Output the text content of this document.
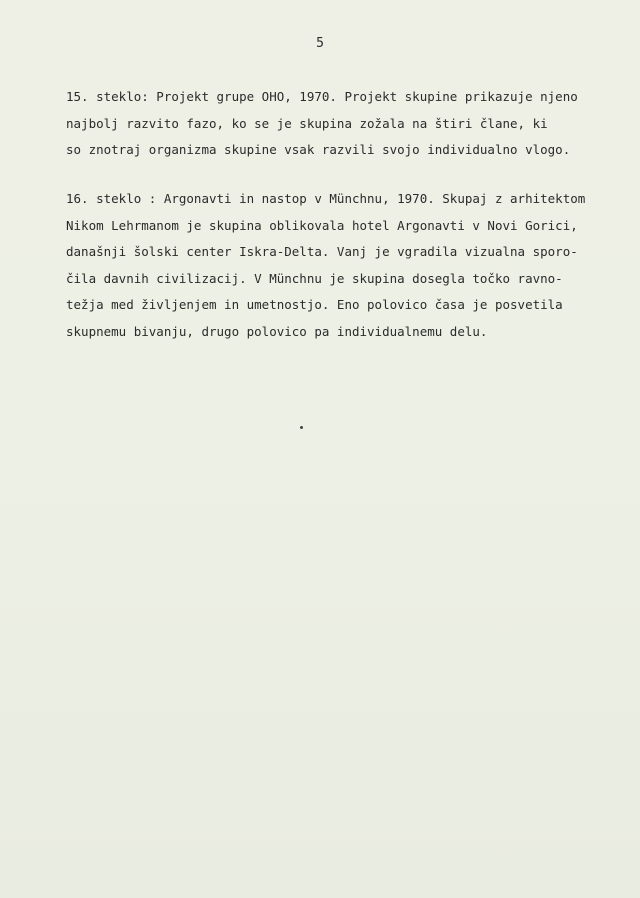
5
15. steklo: Projekt grupe OHO, 1970. Projekt skupine prikazuje njeno
najbolj razvito fazo, ko se je skupina zožala na štiri člane, ki
so znotraj organizma skupine vsak razvili svojo individualno vlogo.
16. steklo : Argonavti in nastop v Münchnu, 1970. Skupaj z arhitektom
Nikom Lehrmanom je skupina oblikovala hotel Argonavti v Novi Gorici,
današnji šolski center Iskra-Delta. Vanj je vgradila vizualna sporo-
čila davnih civilizacij. V Münchnu je skupina dosegla točko ravno-
težja med življenjem in umetnostjo. Eno polovico časa je posvetila
skupnemu bivanju, drugo polovico pa individualnemu delu.
